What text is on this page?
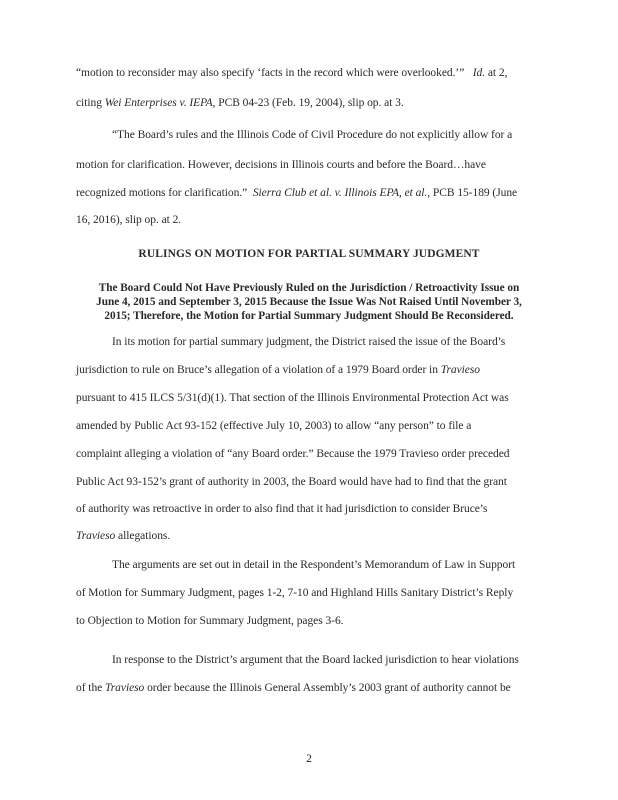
“motion to reconsider may also specify ‘facts in the record which were overlooked.’” Id. at 2,
citing Wei Enterprises v. IEPA, PCB 04-23 (Feb. 19, 2004), slip op. at 3.
“The Board’s rules and the Illinois Code of Civil Procedure do not explicitly allow for a
motion for clarification. However, decisions in Illinois courts and before the Board…have
recognized motions for clarification.” Sierra Club et al. v. Illinois EPA, et al., PCB 15-189 (June
16, 2016), slip op. at 2.
RULINGS ON MOTION FOR PARTIAL SUMMARY JUDGMENT
The Board Could Not Have Previously Ruled on the Jurisdiction / Retroactivity Issue on
June 4, 2015 and September 3, 2015 Because the Issue Was Not Raised Until November 3,
2015; Therefore, the Motion for Partial Summary Judgment Should Be Reconsidered.
In its motion for partial summary judgment, the District raised the issue of the Board’s
jurisdiction to rule on Bruce’s allegation of a violation of a 1979 Board order in Travieso
pursuant to 415 ILCS 5/31(d)(1). That section of the Illinois Environmental Protection Act was
amended by Public Act 93-152 (effective July 10, 2003) to allow “any person” to file a
complaint alleging a violation of “any Board order.” Because the 1979 Travieso order preceded
Public Act 93-152’s grant of authority in 2003, the Board would have had to find that the grant
of authority was retroactive in order to also find that it had jurisdiction to consider Bruce’s
Travieso allegations.
The arguments are set out in detail in the Respondent’s Memorandum of Law in Support
of Motion for Summary Judgment, pages 1-2, 7-10 and Highland Hills Sanitary District’s Reply
to Objection to Motion for Summary Judgment, pages 3-6.
In response to the District’s argument that the Board lacked jurisdiction to hear violations
of the Travieso order because the Illinois General Assembly’s 2003 grant of authority cannot be
2
